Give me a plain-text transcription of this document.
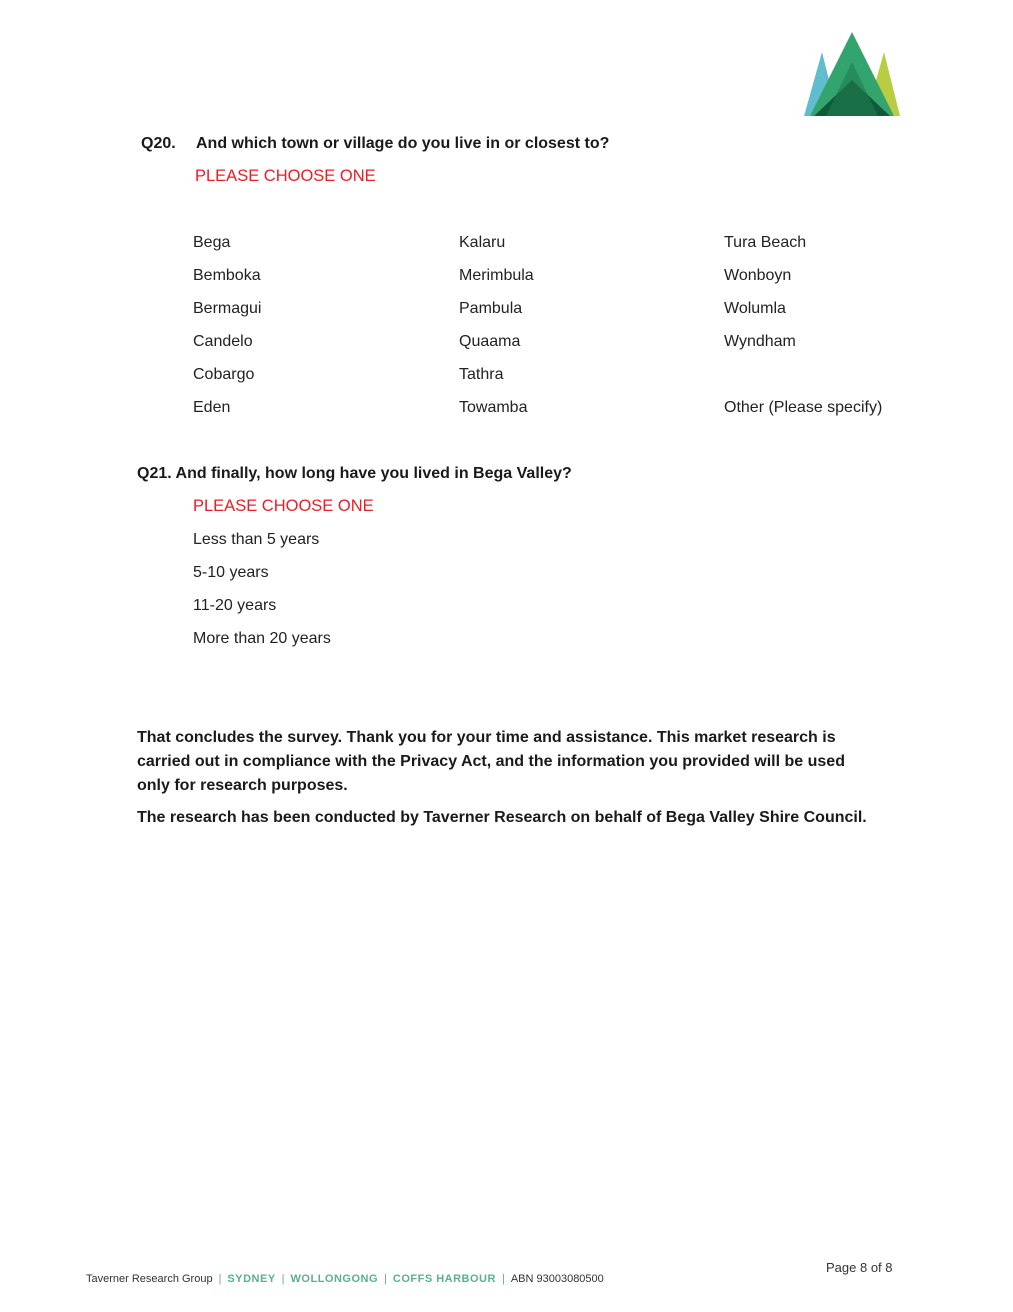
Q20. And which town or village do you live in or closest to?
PLEASE CHOOSE ONE
Bega
Bemboka
Bermagui
Candelo
Cobargo
Eden
Kalaru
Merimbula
Pambula
Quaama
Tathra
Towamba
Tura Beach
Wonboyn
Wolumla
Wyndham
Other (Please specify)
Q21. And finally, how long have you lived in Bega Valley?
PLEASE CHOOSE ONE
Less than 5 years
5-10 years
11-20 years
More than 20 years
That concludes the survey. Thank you for your time and assistance. This market research is carried out in compliance with the Privacy Act, and the information you provided will be used only for research purposes.
The research has been conducted by Taverner Research on behalf of Bega Valley Shire Council.
Page 8 of 8
Taverner Research Group | SYDNEY | WOLLONGONG | COFFS HARBOUR | ABN 93003080500
